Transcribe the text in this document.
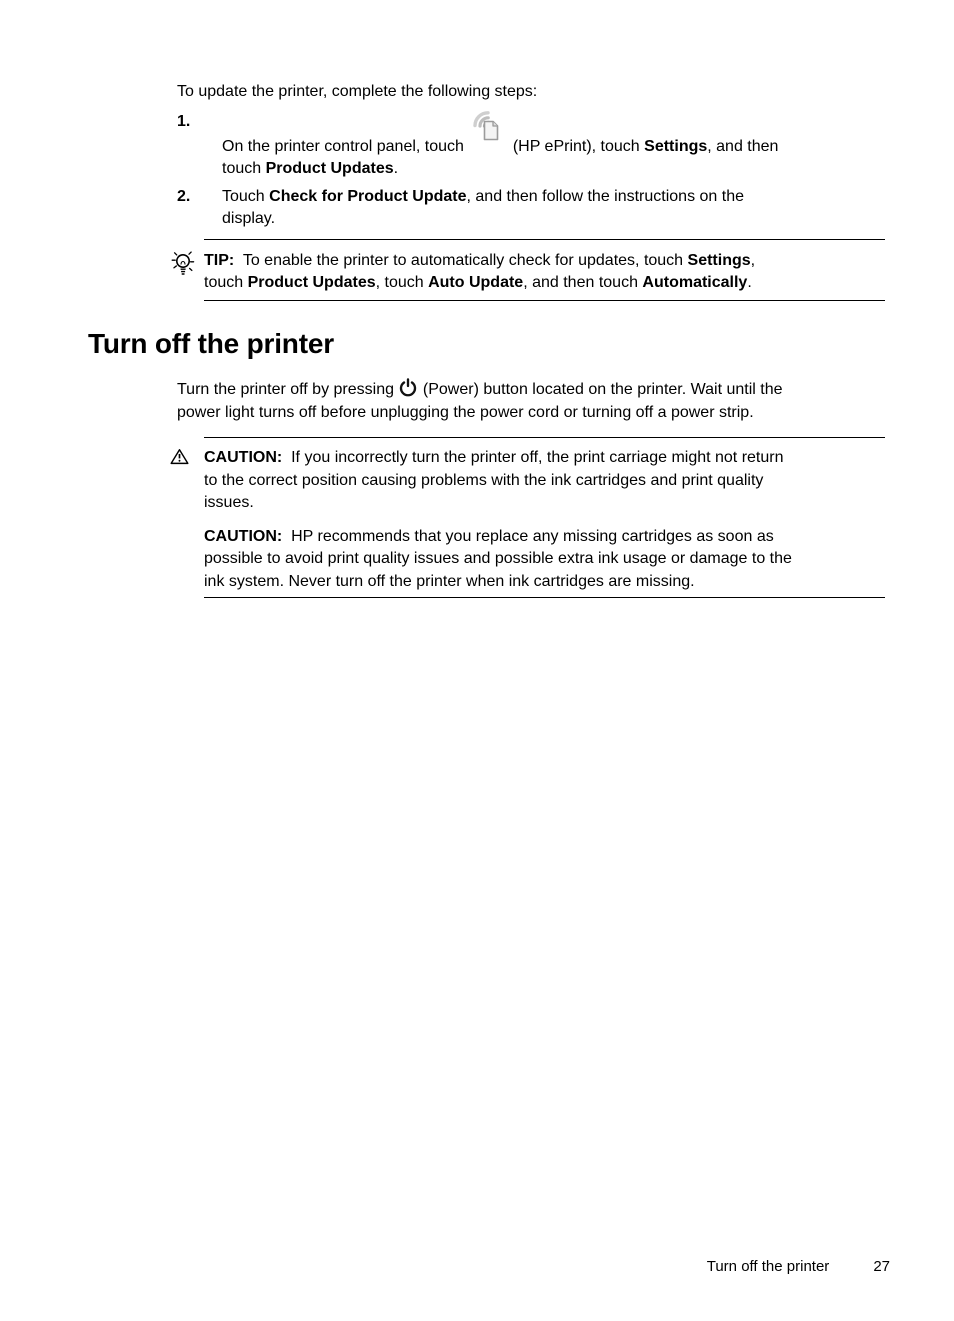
To update the printer, complete the following steps:

1.
On the printer control panel, touch	(HP ePrint), touch Settings, and then
touch Product Updates.
2.	Touch Check for Product Update, and then follow the instructions on the
display.

TIP:  To enable the printer to automatically check for updates, touch Settings,
touch Product Updates, touch Auto Update, and then touch Automatically.

Turn off the printer

Turn the printer off by pressing  (Power) button located on the printer. Wait until the
power light turns off before unplugging the power cord or turning off a power strip.

CAUTION:  If you incorrectly turn the printer off, the print carriage might not return
to the correct position causing problems with the ink cartridges and print quality
issues.

CAUTION:  HP recommends that you replace any missing cartridges as soon as
possible to avoid print quality issues and possible extra ink usage or damage to the
ink system. Never turn off the printer when ink cartridges are missing.

Turn off the printer	27
